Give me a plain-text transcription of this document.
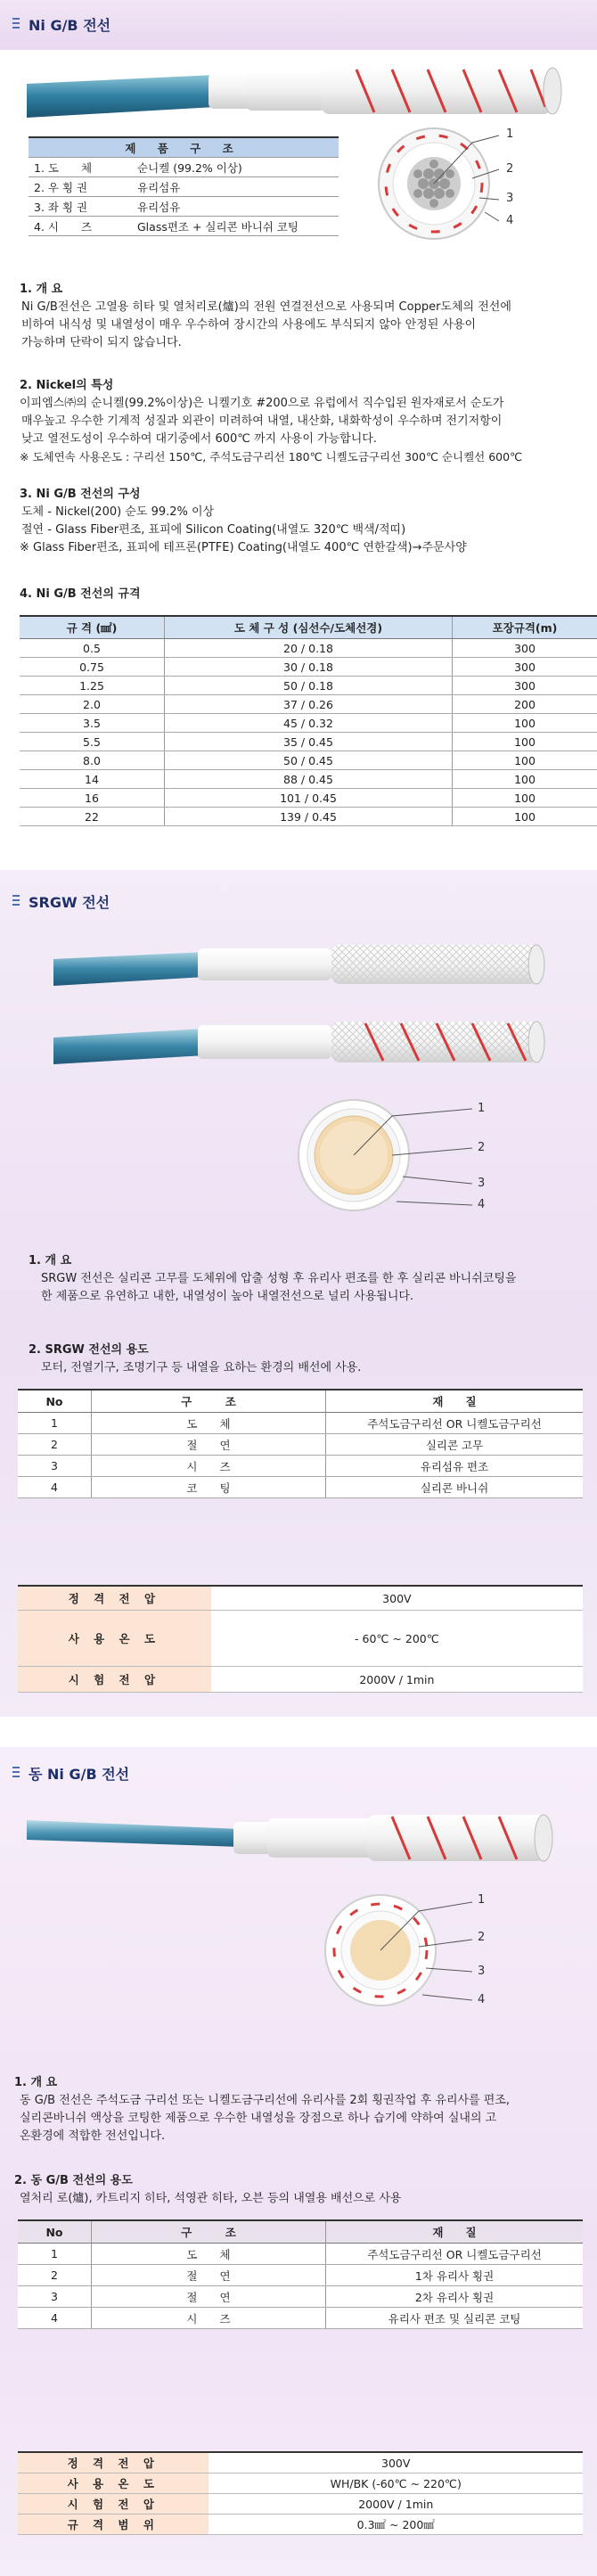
Ni G/B 전선
1
2
3
4
제 품 구 조	
1. 도　　체	순니켈 (99.2% 이상)
2. 우 횡 권	유리섬유
3. 좌 횡 권	유리섬유
4. 시　　즈	Glass편조 + 실리콘 바니쉬 코팅
1. 개 요
Ni G/B전선은 고열용 히타 및 열처리로(爐)의 전원 연결전선으로 사용되며 Copper도체의 전선에
비하여 내식성 및 내열성이 매우 우수하여 장시간의 사용에도 부식되지 않아 안정된 사용이
가능하며 단락이 되지 않습니다.
2. Nickel의 특성
이피엠스㈜의 순니켈(99.2%이상)은 니켈기호 #200으로 유럽에서 직수입된 원자재로서 순도가
매우높고 우수한 기계적 성질과 외관이 미려하여 내열, 내산화, 내화학성이 우수하며 전기저항이
낮고 열전도성이 우수하여 대기중에서 600℃ 까지 사용이 가능합니다.
※ 도체연속 사용온도 : 구리선 150℃, 주석도금구리선 180℃ 니켈도금구리선 300℃ 순니켈선 600℃
3. Ni G/B 전선의 구성
도체 - Nickel(200) 순도 99.2% 이상
절연 - Glass Fiber편조, 표피에 Silicon Coating(내열도 320℃ 백색/적띠)
※ Glass Fiber편조, 표피에 테프론(PTFE) Coating(내열도 400℃ 연한갈색)→주문사양
4. Ni G/B 전선의 규격
규 격 (㎟)	도 체 구 성 (심선수/도체선경)	포장규격(m)
0.5	20 / 0.18	300
0.75	30 / 0.18	300
1.25	50 / 0.18	300
2.0	37 / 0.26	200
3.5	45 / 0.32	100
5.5	35 / 0.45	100
8.0	50 / 0.45	100
14	88 / 0.45	100
16	101 / 0.45	100
22	139 / 0.45	100
SRGW 전선
1
2
3
4
1. 개 요
SRGW 전선은 실리콘 고무를 도체위에 압출 성형 후 유리사 편조를 한 후 실리콘 바니쉬코팅을
한 제품으로 유연하고 내한, 내열성이 높아 내열전선으로 널리 사용됩니다.
2. SRGW 전선의 용도
모터, 전열기구, 조명기구 등 내열을 요하는 환경의 배선에 사용.
No	구　　　조	재　　질
1	도　　체	주석도금구리선 OR 니켈도금구리선
2	절　　연	실리콘 고무
3	시　　즈	유리섬유 편조
4	코　　팅	실리콘 바니쉬
정 격 전 압	300V
사 용 온 도	- 60℃ ~ 200℃
시 험 전 압	2000V / 1min
동 Ni G/B 전선
1
2
3
4
1. 개 요
동 G/B 전선은 주석도금 구리선 또는 니켈도금구리선에 유리사를 2회 횡권작업 후 유리사를 편조,
실리콘바니쉬 액상을 코팅한 제품으로 우수한 내열성을 장점으로 하나 습기에 약하여 실내의 고
온환경에 적합한 전선입니다.
2. 동 G/B 전선의 용도
열처리 로(爐), 카트리지 히타, 석영관 히타, 오븐 등의 내열용 배선으로 사용
No	구　　　조	재　　질
1	도　　체	주석도금구리선 OR 니켈도금구리선
2	절　　연	1차 유리사 횡권
3	절　　연	2차 유리사 횡권
4	시　　즈	유리사 편조 및 실리콘 코팅
정 격 전 압	300V
사 용 온 도	WH/BK (-60℃ ~ 220℃)
시 험 전 압	2000V / 1min
규 격 범 위	0.3㎟ ~ 200㎟
